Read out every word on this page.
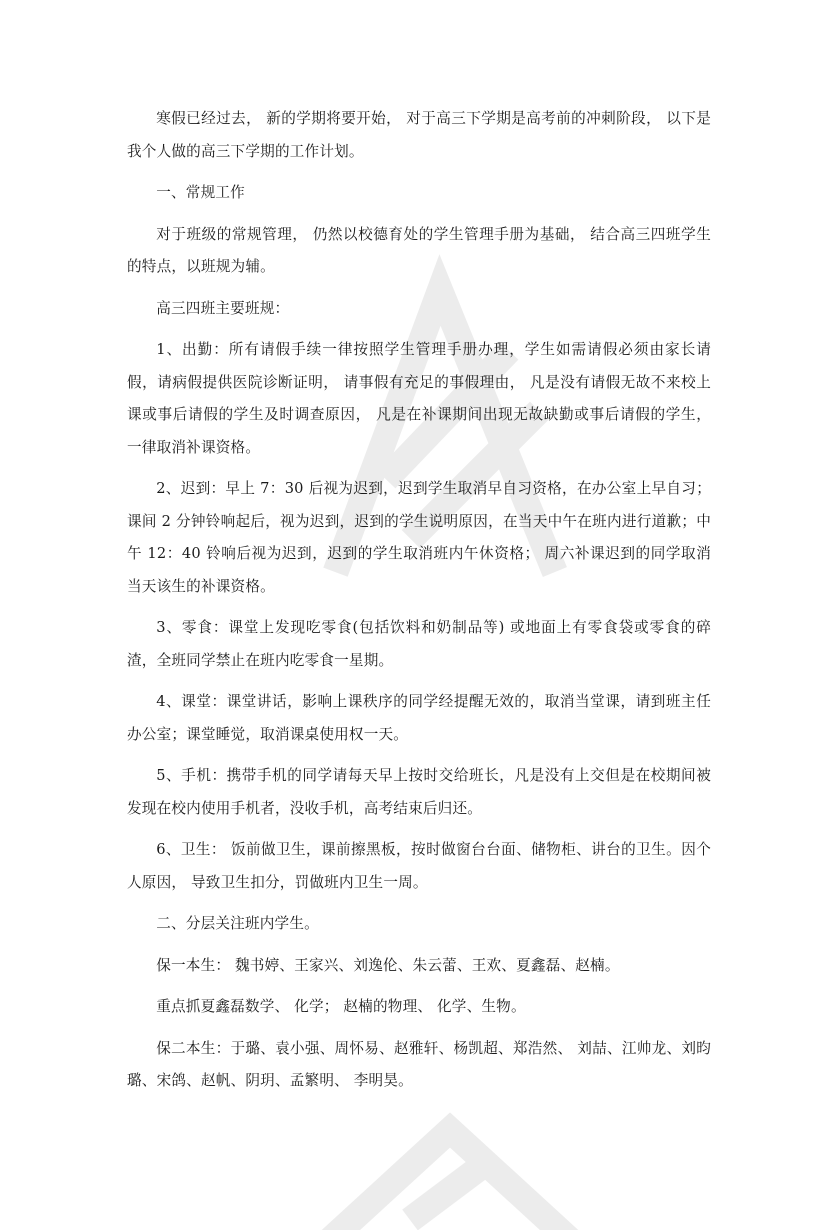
寒假已经过去， 新的学期将要开始， 对于高三下学期是高考前的冲刺阶段， 以下是我个人做的高三下学期的工作计划。

一、常规工作

对于班级的常规管理， 仍然以校德育处的学生管理手册为基础， 结合高三四班学生的特点，以班规为辅。

高三四班主要班规：

1、出勤：所有请假手续一律按照学生管理手册办理，学生如需请假必须由家长请假，请病假提供医院诊断证明， 请事假有充足的事假理由， 凡是没有请假无故不来校上课或事后请假的学生及时调查原因， 凡是在补课期间出现无故缺勤或事后请假的学生， 一律取消补课资格。

2、迟到：早上 7：30 后视为迟到，迟到学生取消早自习资格，在办公室上早自习；课间 2 分钟铃响起后，视为迟到，迟到的学生说明原因，在当天中午在班内进行道歉；中午 12：40 铃响后视为迟到，迟到的学生取消班内午休资格； 周六补课迟到的同学取消当天该生的补课资格。

3、零食：课堂上发现吃零食(包括饮料和奶制品等) 或地面上有零食袋或零食的碎渣，全班同学禁止在班内吃零食一星期。

4、课堂：课堂讲话，影响上课秩序的同学经提醒无效的，取消当堂课，请到班主任办公室；课堂睡觉，取消课桌使用权一天。

5、手机：携带手机的同学请每天早上按时交给班长，凡是没有上交但是在校期间被发现在校内使用手机者，没收手机，高考结束后归还。

6、卫生： 饭前做卫生，课前擦黑板，按时做窗台台面、储物柜、讲台的卫生。因个人原因， 导致卫生扣分，罚做班内卫生一周。

二、分层关注班内学生。

保一本生： 魏书婷、王家兴、刘逸伦、朱云蕾、王欢、夏鑫磊、赵楠。

重点抓夏鑫磊数学、 化学； 赵楠的物理、 化学、生物。

保二本生：于璐、袁小强、周怀易、赵雅轩、杨凯超、郑浩然、 刘喆、江帅龙、刘昀璐、宋鸽、赵帆、阴玥、孟繁明、 李明昊。
